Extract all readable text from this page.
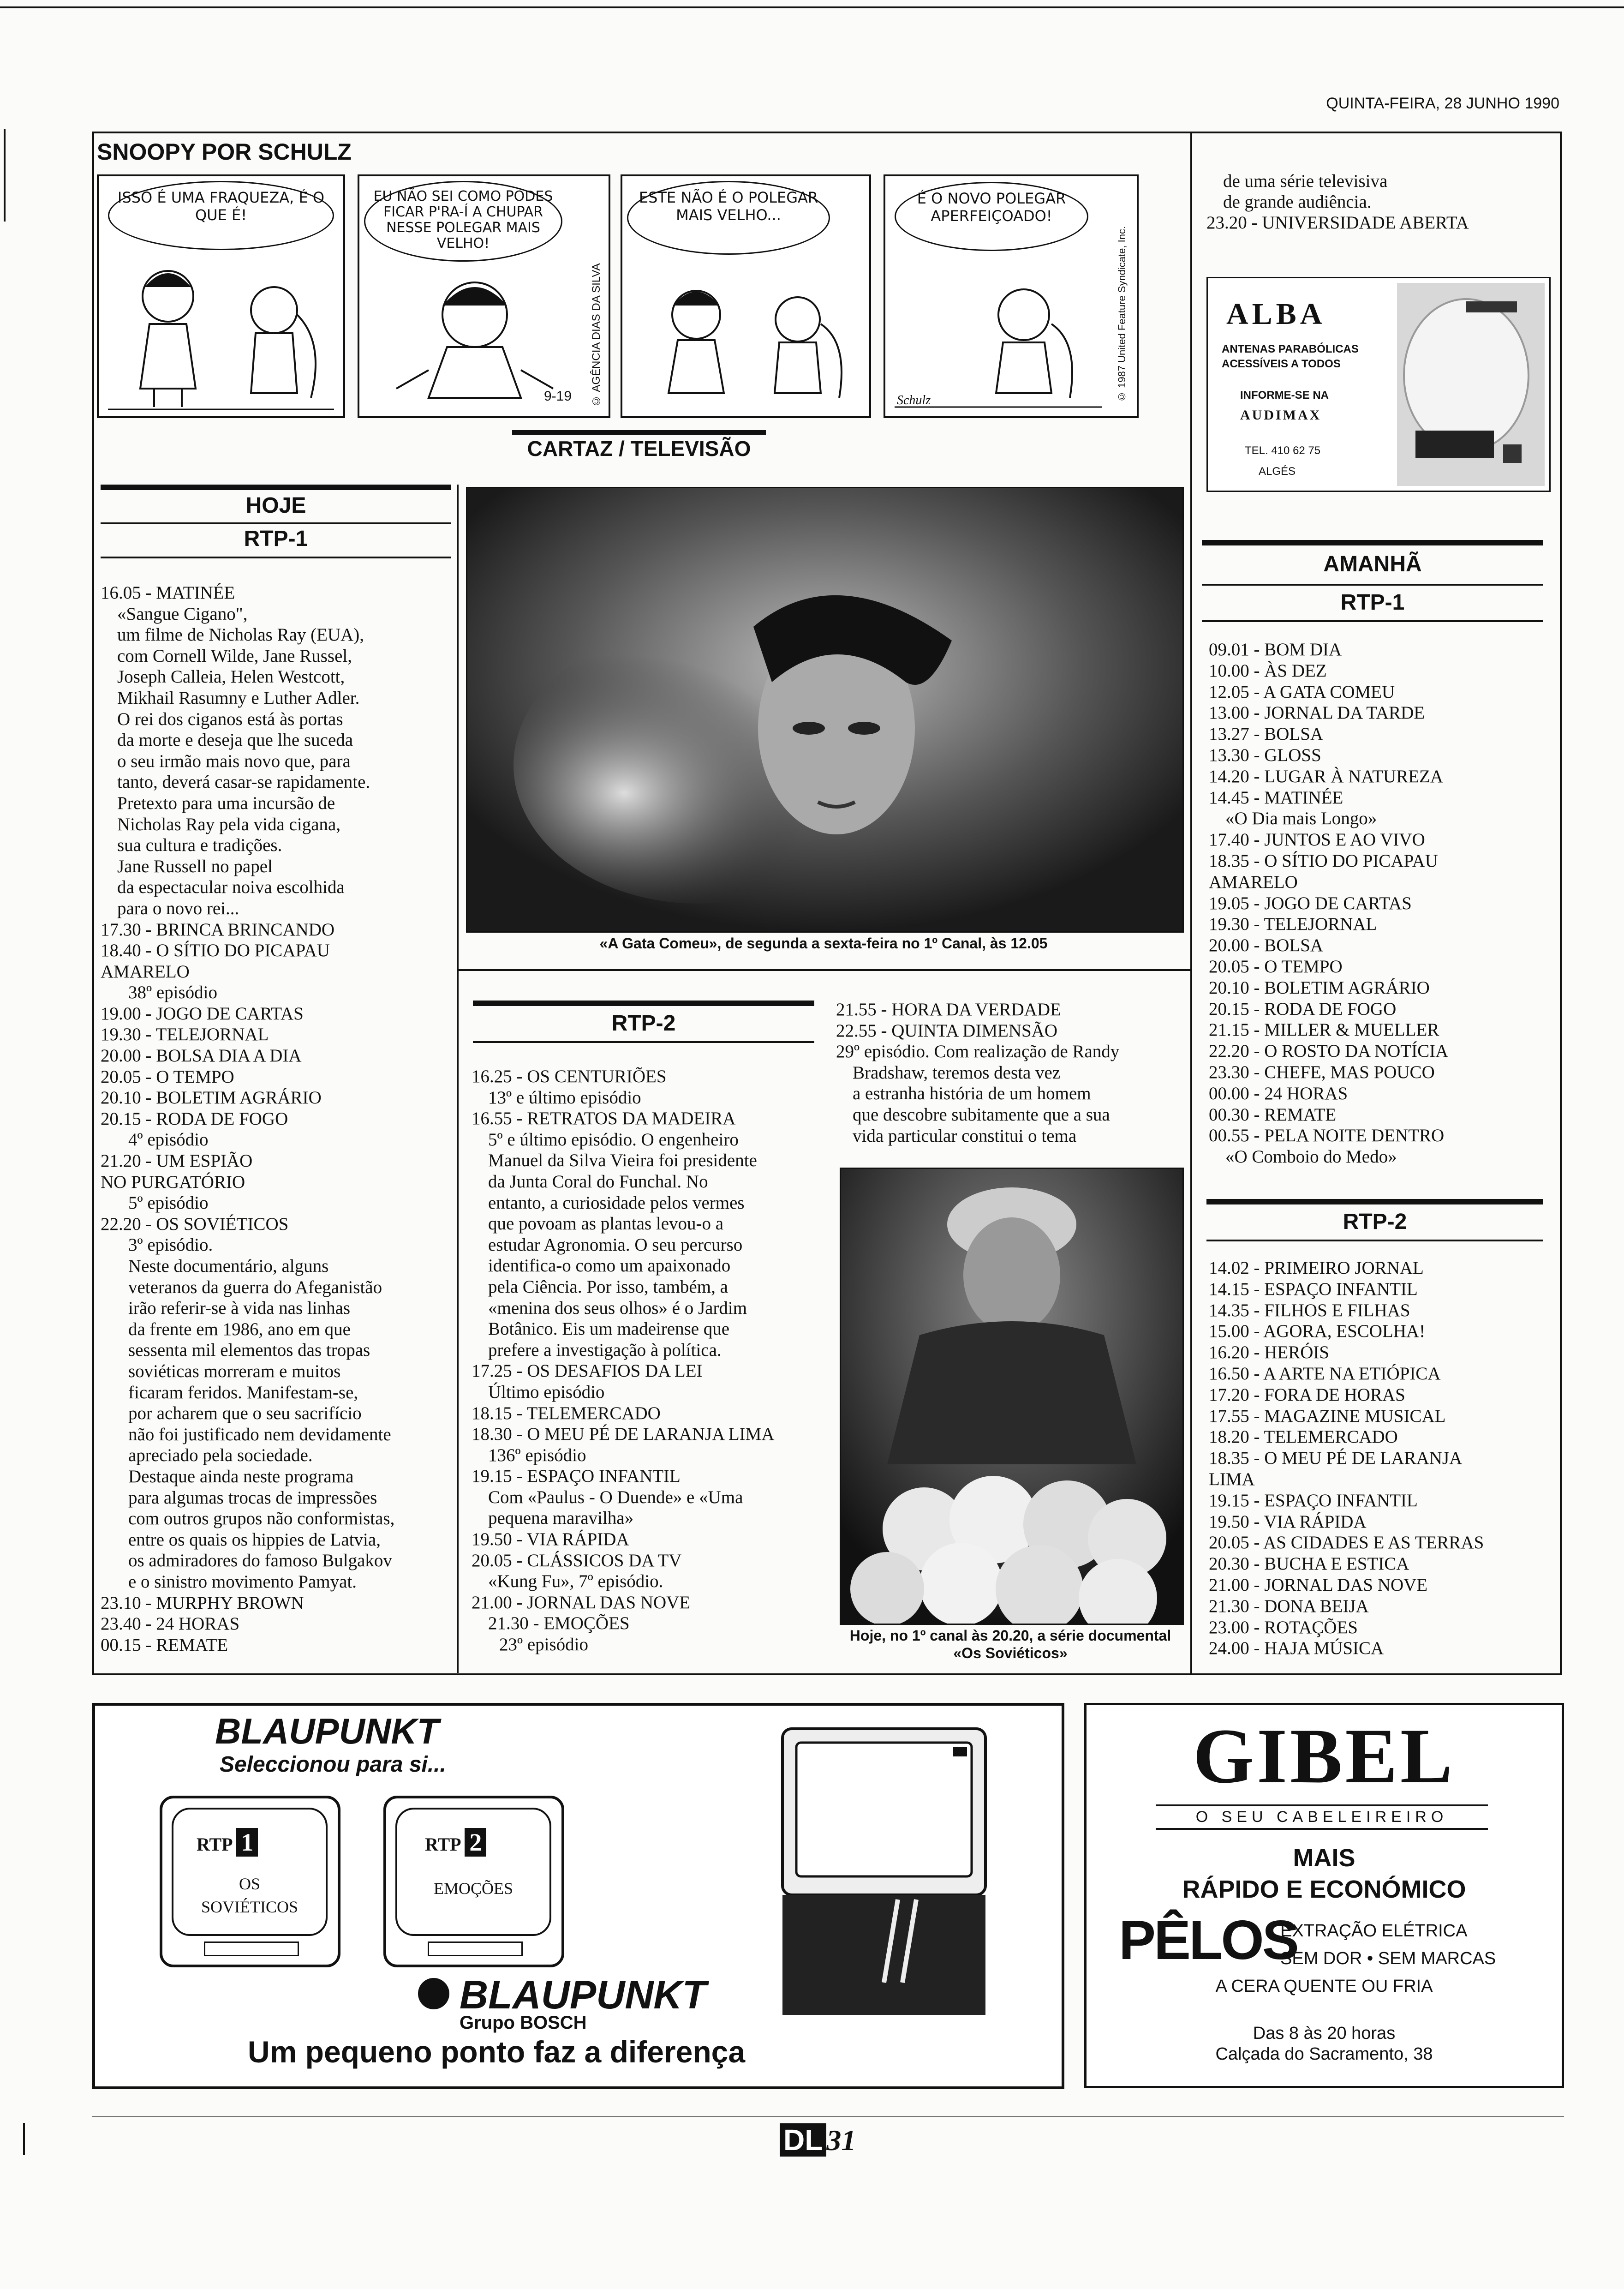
QUINTA-FEIRA, 28 JUNHO 1990
SNOOPY POR SCHULZ
ISSO É UMA FRAQUEZA, É O QUE É!
EU NÃO SEI COMO PODES FICAR P'RA-Í A CHUPAR NESSE POLEGAR MAIS VELHO!
9-19 © AGÊNCIA DIAS DA SILVA
ESTE NÃO É O POLEGAR MAIS VELHO...
É O NOVO POLEGAR APERFEIÇOADO!
Schulz	© 1987 United Feature Syndicate, Inc.
CARTAZ / TELEVISÃO
HOJE
RTP-1
16.05 - MATINÉE
«Sangue Cigano",
um filme de Nicholas Ray (EUA),
com Cornell Wilde, Jane Russel,
Joseph Calleia, Helen Westcott,
Mikhail Rasumny e Luther Adler.
O rei dos ciganos está às portas
da morte e deseja que lhe suceda
o seu irmão mais novo que, para
tanto, deverá casar-se rapidamente.
Pretexto para uma incursão de
Nicholas Ray pela vida cigana,
sua cultura e tradições.
Jane Russell no papel
da espectacular noiva escolhida
para o novo rei...
17.30 - BRINCA BRINCANDO
18.40 - O SÍTIO DO PICAPAU
AMARELO
38º episódio
19.00 - JOGO DE CARTAS
19.30 - TELEJORNAL
20.00 - BOLSA DIA A DIA
20.05 - O TEMPO
20.10 - BOLETIM AGRÁRIO
20.15 - RODA DE FOGO
4º episódio
21.20 - UM ESPIÃO
NO PURGATÓRIO
5º episódio
22.20 - OS SOVIÉTICOS
3º episódio.
Neste documentário, alguns
veteranos da guerra do Afeganistão
irão referir-se à vida nas linhas
da frente em 1986, ano em que
sessenta mil elementos das tropas
soviéticas morreram e muitos
ficaram feridos. Manifestam-se,
por acharem que o seu sacrifício
não foi justificado nem devidamente
apreciado pela sociedade.
Destaque ainda neste programa
para algumas trocas de impressões
com outros grupos não conformistas,
entre os quais os hippies de Latvia,
os admiradores do famoso Bulgakov
e o sinistro movimento Pamyat.
23.10 - MURPHY BROWN
23.40 - 24 HORAS
00.15 - REMATE
«A Gata Comeu», de segunda a sexta-feira no 1º Canal, às 12.05
RTP-2
16.25 - OS CENTURIÕES
13º e último episódio
16.55 - RETRATOS DA MADEIRA
5º e último episódio. O engenheiro
Manuel da Silva Vieira foi presidente
da Junta Coral do Funchal. No
entanto, a curiosidade pelos vermes
que povoam as plantas levou-o a
estudar Agronomia. O seu percurso
identifica-o como um apaixonado
pela Ciência. Por isso, também, a
«menina dos seus olhos» é o Jardim
Botânico. Eis um madeirense que
prefere a investigação à política.
17.25 - OS DESAFIOS DA LEI
Último episódio
18.15 - TELEMERCADO
18.30 - O MEU PÉ DE LARANJA LIMA
136º episódio
19.15 - ESPAÇO INFANTIL
Com «Paulus - O Duende» e «Uma
pequena maravilha»
19.50 - VIA RÁPIDA
20.05 - CLÁSSICOS DA TV
«Kung Fu», 7º episódio.
21.00 - JORNAL DAS NOVE
21.30 - EMOÇÕES
23º episódio
21.55 - HORA DA VERDADE
22.55 - QUINTA DIMENSÃO
29º episódio. Com realização de Randy
Bradshaw, teremos desta vez
a estranha história de um homem
que descobre subitamente que a sua
vida particular constitui o tema
Hoje, no 1º canal às 20.20, a série documental «Os Soviéticos»
de uma série televisiva
de grande audiência.
23.20 - UNIVERSIDADE ABERTA
ALBA
ANTENAS PARABÓLICAS
ACESSÍVEIS A TODOS
INFORME-SE NA
AUDIMAX
TEL. 410 62 75
ALGÉS
AMANHÃ
RTP-1
09.01 - BOM DIA
10.00 - ÀS DEZ
12.05 - A GATA COMEU
13.00 - JORNAL DA TARDE
13.27 - BOLSA
13.30 - GLOSS
14.20 - LUGAR À NATUREZA
14.45 - MATINÉE
«O Dia mais Longo»
17.40 - JUNTOS E AO VIVO
18.35 - O SÍTIO DO PICAPAU
AMARELO
19.05 - JOGO DE CARTAS
19.30 - TELEJORNAL
20.00 - BOLSA
20.05 - O TEMPO
20.10 - BOLETIM AGRÁRIO
20.15 - RODA DE FOGO
21.15 - MILLER & MUELLER
22.20 - O ROSTO DA NOTÍCIA
23.30 - CHEFE, MAS POUCO
00.00 - 24 HORAS
00.30 - REMATE
00.55 - PELA NOITE DENTRO
«O Comboio do Medo»
RTP-2
14.02 - PRIMEIRO JORNAL
14.15 - ESPAÇO INFANTIL
14.35 - FILHOS E FILHAS
15.00 - AGORA, ESCOLHA!
16.20 - HERÓIS
16.50 - A ARTE NA ETIÓPICA
17.20 - FORA DE HORAS
17.55 - MAGAZINE MUSICAL
18.20 - TELEMERCADO
18.35 - O MEU PÉ DE LARANJA
LIMA
19.15 - ESPAÇO INFANTIL
19.50 - VIA RÁPIDA
20.05 - AS CIDADES E AS TERRAS
20.30 - BUCHA E ESTICA
21.00 - JORNAL DAS NOVE
21.30 - DONA BEIJA
23.00 - ROTAÇÕES
24.00 - HAJA MÚSICA
BLAUPUNKT
Seleccionou para si...
RTP 1
OS
SOVIÉTICOS
RTP 2
EMOÇÕES
BLAUPUNKT
Grupo BOSCH
Um pequeno ponto faz a diferença
GIBEL
O SEU CABELEIREIRO
MAIS
RÁPIDO E ECONÓMICO
PÊLOS
EXTRAÇÃO ELÉTRICA
SEM DOR • SEM MARCAS
A CERA QUENTE OU FRIA
Das 8 às 20 horas
Calçada do Sacramento, 38
DL 31
